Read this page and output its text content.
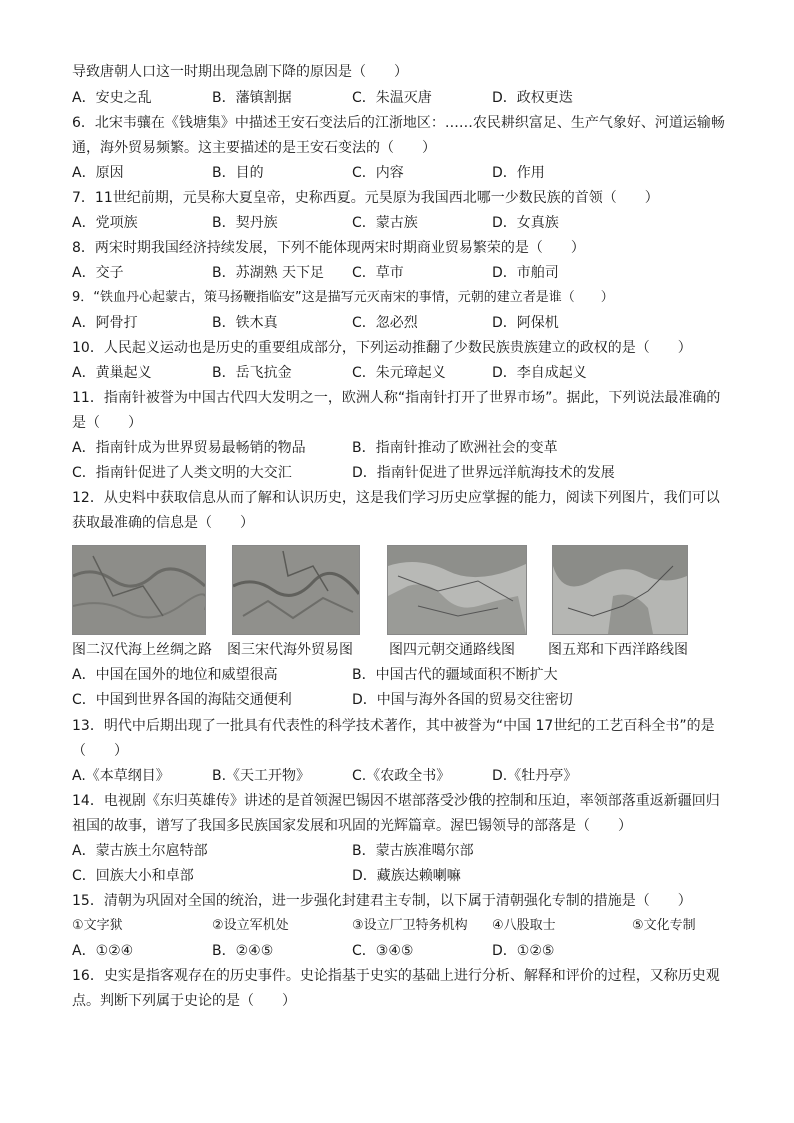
导致唐朝人口这一时期出现急剧下降的原因是（　　）
A．安史之乱	B．藩镇割据	C．朱温灭唐	D．政权更迭
6．北宋韦骧在《钱塘集》中描述王安石变法后的江浙地区：……农民耕织富足、生产气象好、河道运输畅
通，海外贸易频繁。这主要描述的是王安石变法的（　　）
A．原因	B．目的	C．内容	D．作用
7．11世纪前期，元昊称大夏皇帝，史称西夏。元昊原为我国西北哪一少数民族的首领（　　）
A．党项族	B．契丹族	C．蒙古族	D．女真族
8．两宋时期我国经济持续发展，下列不能体现两宋时期商业贸易繁荣的是（　　）
A．交子	B．苏湖熟 天下足 C．草市	D．市舶司
9．“铁血丹心起蒙古，策马扬鞭指临安”这是描写元灭南宋的事情，元朝的建立者是谁（　　）
A．阿骨打	B．铁木真	C．忽必烈	D．阿保机
10．人民起义运动也是历史的重要组成部分，下列运动推翻了少数民族贵族建立的政权的是（　　）
A．黄巢起义	B．岳飞抗金	C．朱元璋起义	D．李自成起义
11．指南针被誉为中国古代四大发明之一，欧洲人称“指南针打开了世界市场”。据此，下列说法最准确的
是（　　）
A．指南针成为世界贸易最畅销的物品	B．指南针推动了欧洲社会的变革
C．指南针促进了人类文明的大交汇	D．指南针促进了世界远洋航海技术的发展
12．从史料中获取信息从而了解和认识历史，这是我们学习历史应掌握的能力，阅读下列图片，我们可以
获取最准确的信息是（　　）
图二汉代海上丝绸之路 图三宋代海外贸易图	图四元朝交通路线图 图五郑和下西洋路线图
A．中国在国外的地位和威望很高	B．中国古代的疆域面积不断扩大
C．中国到世界各国的海陆交通便利	D．中国与海外各国的贸易交往密切
13．明代中后期出现了一批具有代表性的科学技术著作，其中被誉为“中国 17世纪的工艺百科全书”的是
（　　）
A.《本草纲目》	B.《天工开物》	C.《农政全书》	D.《牡丹亭》
14．电视剧《东归英雄传》讲述的是首领渥巴锡因不堪部落受沙俄的控制和压迫，率领部落重返新疆回归
祖国的故事，谱写了我国多民族国家发展和巩固的光辉篇章。渥巴锡领导的部落是（　　）
A．蒙古族土尔扈特部	B．蒙古族准噶尔部
C．回族大小和卓部	D．藏族达赖喇嘛
15．清朝为巩固对全国的统治，进一步强化封建君主专制，以下属于清朝强化专制的措施是（　　）
①文字狱	②设立军机处	③设立厂卫特务机构 ④八股取士	⑤文化专制
A．①②④	B．②④⑤	C．③④⑤	D．①②⑤
16．史实是指客观存在的历史事件。史论指基于史实的基础上进行分析、解释和评价的过程，又称历史观
点。判断下列属于史论的是（　　）
